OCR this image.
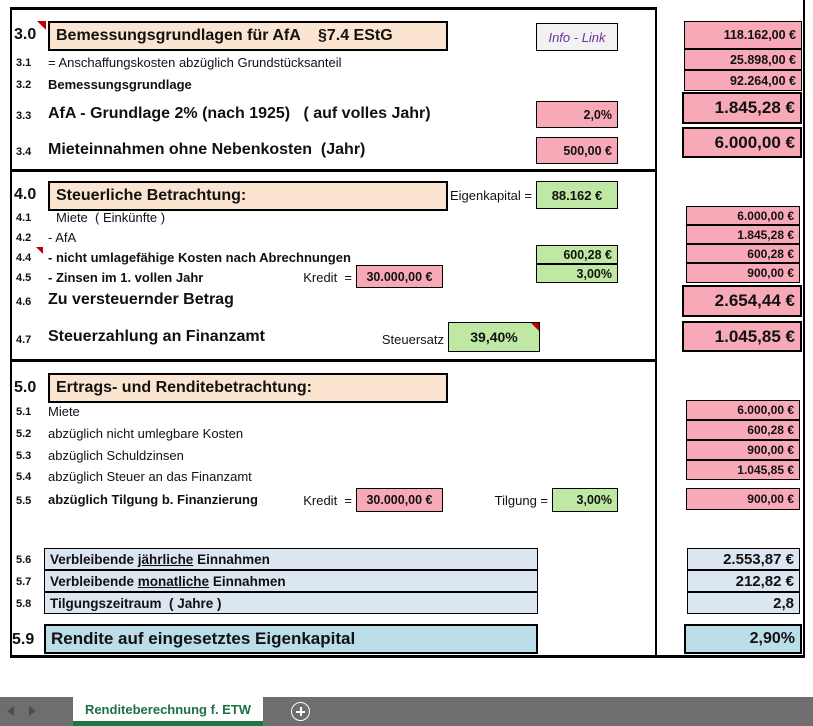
3.0	Bemessungsgrundlagen für AfA    §7.4 EStG	Info - Link	118.162,00 €
3.1 = Anschaffungskosten abzüglich Grundstücksanteil	25.898,00 €
3.2 Bemessungsgrundlage	92.264,00 €
3.3 AfA - Grundlage 2% (nach 1925)   ( auf volles Jahr)	2,0%	1.845,28 €
3.4 Mieteinnahmen ohne Nebenkosten  (Jahr)	500,00 €	6.000,00 €
4.0	Steuerliche Betrachtung:	Eigenkapital =	88.162 €
4.1 Miete  ( Einkünfte )	6.000,00 €
4.2 - AfA	1.845,28 €
4.4 - nicht umlagefähige Kosten nach Abrechnungen	600,28 €	600,28 €
4.5 - Zinsen im 1. vollen Jahr	Kredit  =	30.000,00 €	3,00%	900,00 €
4.6 Zu versteuernder Betrag	2.654,44 €
4.7 Steuerzahlung an Finanzamt	Steuersatz	39,40%	1.045,85 €
5.0	Ertrags- und Renditebetrachtung:
5.1 Miete	6.000,00 €
5.2 abzüglich nicht umlegbare Kosten	600,28 €
5.3 abzüglich Schuldzinsen	900,00 €
5.4 abzüglich Steuer an das Finanzamt	1.045,85 €
5.5 abzüglich Tilgung b. Finanzierung	Kredit  =	30.000,00 €	Tilgung =	3,00%	900,00 €
5.6 Verbleibende jährliche Einnahmen	2.553,87 €
5.7 Verbleibende monatliche Einnahmen	212,82 €
5.8	Tilgungszeitraum  ( Jahre )	2,8
5.9 Rendite auf eingesetztes Eigenkapital	2,90%
Renditeberechnung f. ETW
